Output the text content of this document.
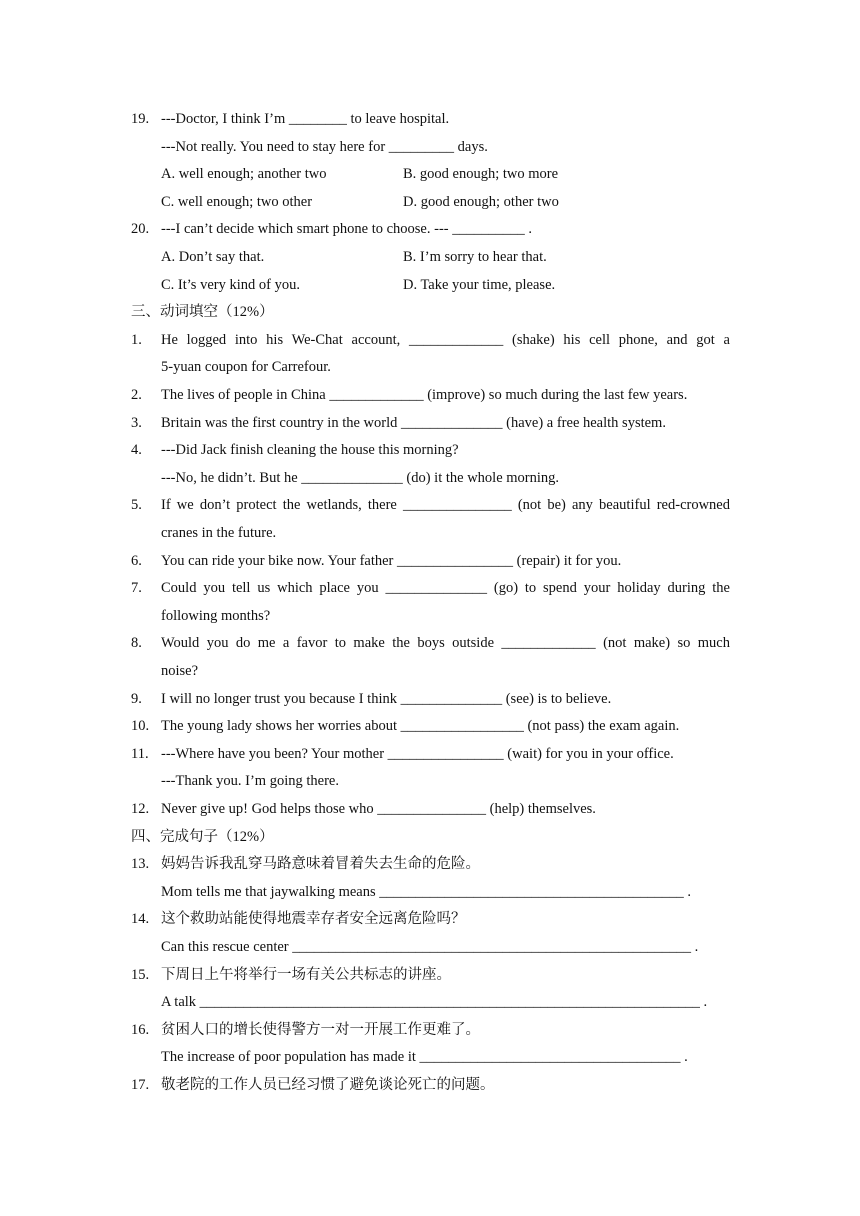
19. ---Doctor, I think I’m ________ to leave hospital.
---Not really. You need to stay here for _________ days.
A. well enough; another two	B. good enough; two more
C. well enough; two other	D. good enough; other two
20. ---I can’t decide which smart phone to choose. --- __________ .
A. Don’t say that.	B. I’m sorry to hear that.
C. It’s very kind of you.	D. Take your time, please.
三、动词填空（12%）
1. He logged into his We-Chat account, _____________ (shake) his cell phone, and got a
5-yuan coupon for Carrefour.
2. The lives of people in China _____________ (improve) so much during the last few years.
3. Britain was the first country in the world ______________ (have) a free health system.
4. ---Did Jack finish cleaning the house this morning?
---No, he didn’t. But he ______________ (do) it the whole morning.
5. If we don’t protect the wetlands, there _______________ (not be) any beautiful red-crowned
cranes in the future.
6. You can ride your bike now. Your father ________________ (repair) it for you.
7. Could you tell us which place you ______________ (go) to spend your holiday during the
following months?
8. Would you do me a favor to make the boys outside _____________ (not make) so much
noise?
9. I will no longer trust you because I think ______________ (see) is to believe.
10. The young lady shows her worries about _________________ (not pass) the exam again.
11. ---Where have you been? Your mother ________________ (wait) for you in your office.
---Thank you. I’m going there.
12. Never give up! God helps those who _______________ (help) themselves.
四、完成句子（12%）
13. 妈妈告诉我乱穿马路意味着冒着失去生命的危险。
Mom tells me that jaywalking means __________________________________________ .
14. 这个救助站能使得地震幸存者安全远离危险吗？
Can this rescue center _______________________________________________________ .
15. 下周日上午将举行一场有关公共标志的讲座。
A talk _____________________________________________________________________ .
16. 贫困人口的增长使得警方一对一开展工作更难了。
The increase of poor population has made it ____________________________________ .
17. 敬老院的工作人员已经习惯了避免谈论死亡的问题。
